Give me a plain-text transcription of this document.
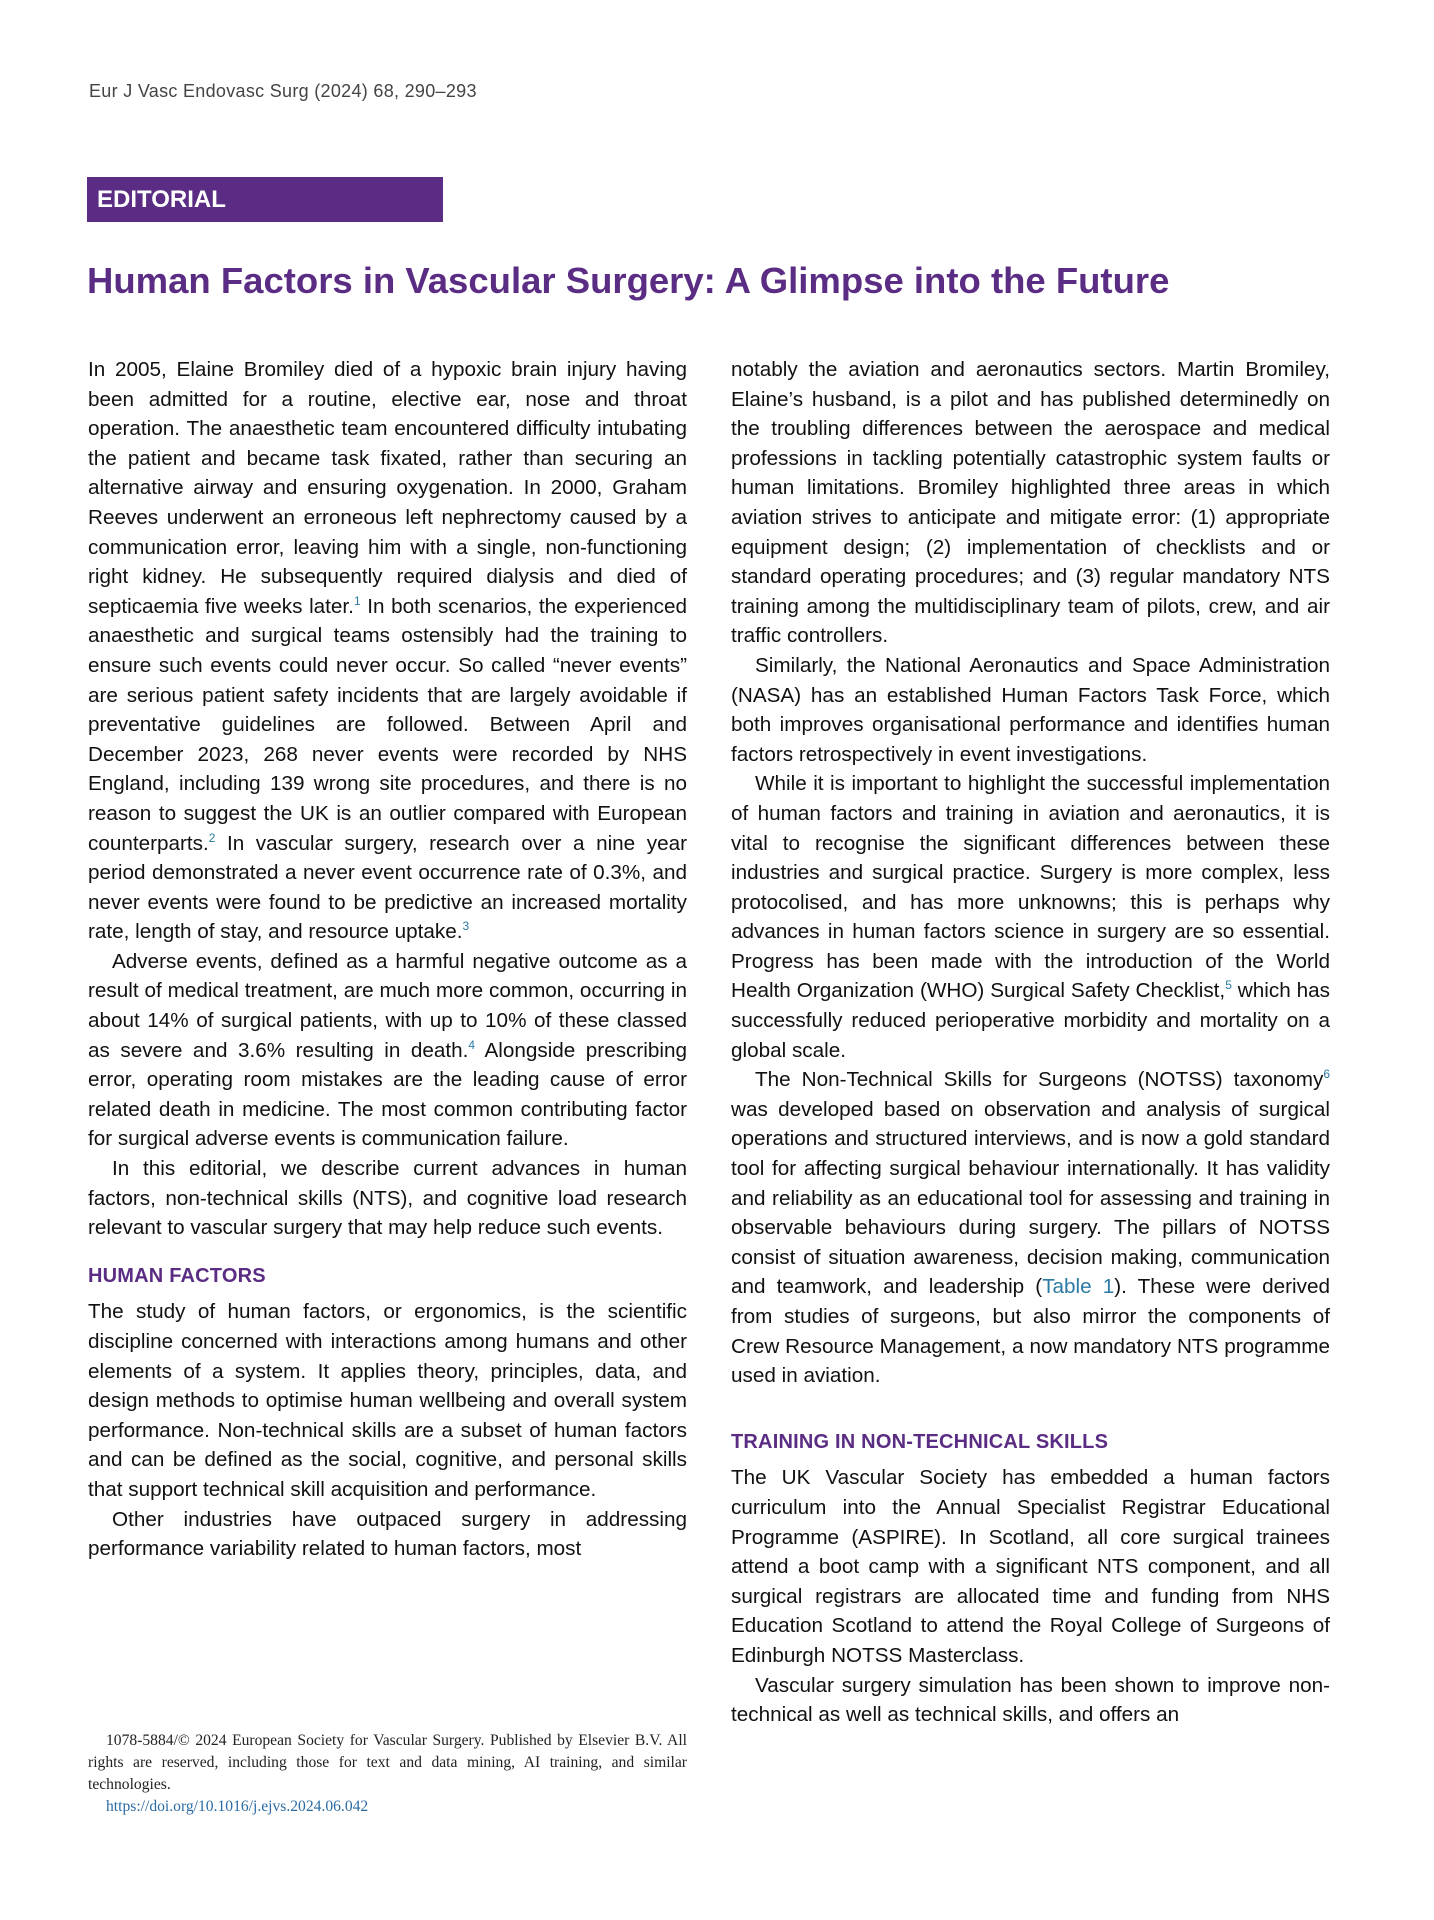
Eur J Vasc Endovasc Surg (2024) 68, 290–293

EDITORIAL
Human Factors in Vascular Surgery: A Glimpse into the Future

In 2005, Elaine Bromiley died of a hypoxic brain injury having been admitted for a routine, elective ear, nose and throat operation. The anaesthetic team encountered difficulty intubating the patient and became task fixated, rather than securing an alternative airway and ensuring oxygenation. In 2000, Graham Reeves underwent an erroneous left nephrectomy caused by a communication error, leaving him with a single, non-functioning right kidney. He subsequently required dialysis and died of septicaemia five weeks later.$^1$ In both scenarios, the experienced anaesthetic and surgical teams ostensibly had the training to ensure such events could never occur. So called “never events” are serious patient safety incidents that are largely avoidable if preventative guidelines are followed. Between April and December 2023, 268 never events were recorded by NHS England, including 139 wrong site procedures, and there is no reason to suggest the UK is an outlier compared with European counterparts.$^2$ In vascular surgery, research over a nine year period demonstrated a never event occurrence rate of 0.3%, and never events were found to be predictive an increased mortality rate, length of stay, and resource uptake.$^3$

Adverse events, defined as a harmful negative outcome as a result of medical treatment, are much more common, occurring in about 14% of surgical patients, with up to 10% of these classed as severe and 3.6% resulting in death.$^4$ Alongside prescribing error, operating room mistakes are the leading cause of error related death in medicine. The most common contributing factor for surgical adverse events is communication failure.

In this editorial, we describe current advances in human factors, non-technical skills (NTS), and cognitive load research relevant to vascular surgery that may help reduce such events.

HUMAN FACTORS

The study of human factors, or ergonomics, is the scientific discipline concerned with interactions among humans and other elements of a system. It applies theory, principles, data, and design methods to optimise human wellbeing and overall system performance. Non-technical skills are a subset of human factors and can be defined as the social, cognitive, and personal skills that support technical skill acquisition and performance.

Other industries have outpaced surgery in addressing performance variability related to human factors, most

notably the aviation and aeronautics sectors. Martin Bromiley, Elaine’s husband, is a pilot and has published determinedly on the troubling differences between the aerospace and medical professions in tackling potentially catastrophic system faults or human limitations. Bromiley highlighted three areas in which aviation strives to anticipate and mitigate error: (1) appropriate equipment design; (2) implementation of checklists and or standard operating procedures; and (3) regular mandatory NTS training among the multidisciplinary team of pilots, crew, and air traffic controllers.

Similarly, the National Aeronautics and Space Administration (NASA) has an established Human Factors Task Force, which both improves organisational performance and identifies human factors retrospectively in event investigations.

While it is important to highlight the successful implementation of human factors and training in aviation and aeronautics, it is vital to recognise the significant differences between these industries and surgical practice. Surgery is more complex, less protocolised, and has more unknowns; this is perhaps why advances in human factors science in surgery are so essential. Progress has been made with the introduction of the World Health Organization (WHO) Surgical Safety Checklist,$^5$ which has successfully reduced perioperative morbidity and mortality on a global scale.

The Non-Technical Skills for Surgeons (NOTSS) taxonomy$^6$ was developed based on observation and analysis of surgical operations and structured interviews, and is now a gold standard tool for affecting surgical behaviour internationally. It has validity and reliability as an educational tool for assessing and training in observable behaviours during surgery. The pillars of NOTSS consist of situation awareness, decision making, communication and teamwork, and leadership (Table 1). These were derived from studies of surgeons, but also mirror the components of Crew Resource Management, a now mandatory NTS programme used in aviation.

TRAINING IN NON-TECHNICAL SKILLS

The UK Vascular Society has embedded a human factors curriculum into the Annual Specialist Registrar Educational Programme (ASPIRE). In Scotland, all core surgical trainees attend a boot camp with a significant NTS component, and all surgical registrars are allocated time and funding from NHS Education Scotland to attend the Royal College of Surgeons of Edinburgh NOTSS Masterclass.

Vascular surgery simulation has been shown to improve non-technical as well as technical skills, and offers an

1078-5884/© 2024 European Society for Vascular Surgery. Published by Elsevier B.V. All rights are reserved, including those for text and data mining, AI training, and similar technologies.

https://doi.org/10.1016/j.ejvs.2024.06.042
